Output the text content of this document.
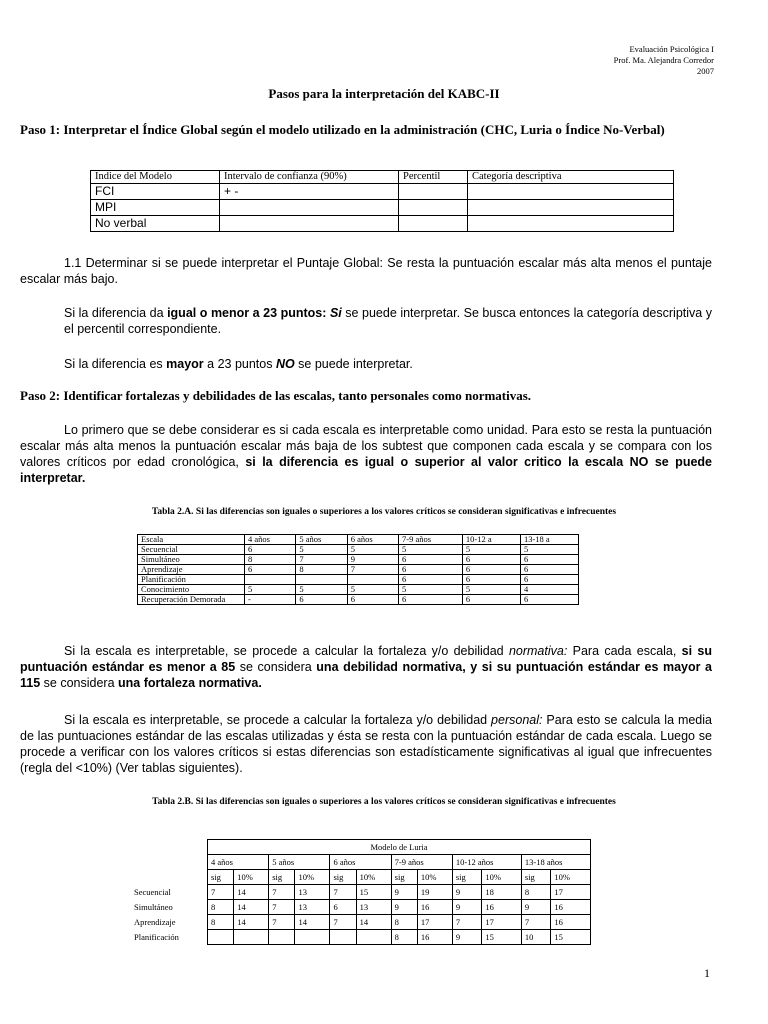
Evaluación Psicológica I
Prof. Ma. Alejandra Corredor
2007
Pasos para la interpretación del KABC-II
Paso 1: Interpretar el Índice Global según el modelo utilizado en la administración (CHC, Luria o Índice No-Verbal)
Indice del Modelo	Intervalo de confianza (90%)	Percentil	Categoría descriptiva
FCI	+ -		
MPI			
No verbal			
1.1 Determinar si se puede interpretar el Puntaje Global: Se resta la puntuación escalar más alta menos el puntaje escalar más bajo.
Si la diferencia da igual o menor a 23 puntos: Si se puede interpretar. Se busca entonces la categoría descriptiva y el percentil correspondiente.
Si la diferencia es mayor a 23 puntos NO se puede interpretar.
Paso 2: Identificar fortalezas y debilidades de las escalas, tanto personales como normativas.
Lo primero que se debe considerar es si cada escala es interpretable como unidad. Para esto se resta la puntuación escalar más alta menos la puntuación escalar más baja de los subtest que componen cada escala y se compara con los valores críticos por edad cronológica, si la diferencia es igual o superior al valor critico la escala NO se puede interpretar.
Tabla 2.A. Si las diferencias son iguales o superiores a los valores críticos se consideran significativas e infrecuentes
Escala	4 años	5 años	6 años	7-9 años	10-12 a	13-18 a
Secuencial	6	5	5	5	5	5
Simultáneo	8	7	9	6	6	6
Aprendizaje	6	8	7	6	6	6
Planificación				6	6	6
Conocimiento	5	5	5	5	5	4
Recuperación Demorada	-	6	6	6	6	6
Si la escala es interpretable, se procede a calcular la fortaleza y/o debilidad normativa: Para cada escala, si su puntuación estándar es menor a 85 se considera una debilidad normativa, y si su puntuación estándar es mayor a 115 se considera una fortaleza normativa.
Si la escala es interpretable, se procede a calcular la fortaleza y/o debilidad personal: Para esto se calcula la media de las puntuaciones estándar de las escalas utilizadas y ésta se resta con la puntuación estándar de cada escala. Luego se procede a verificar con los valores críticos si estas diferencias son estadísticamente significativas al igual que infrecuentes (regla del <10%) (Ver tablas siguientes).
Tabla 2.B. Si las diferencias son iguales o superiores a los valores críticos se consideran significativas e infrecuentes
	Modelo de Luria											
	4 años		5 años		6 años		7-9 años		10-12 años		13-18 años	
	sig	10%	sig	10%	sig	10%	sig	10%	sig	10%	sig	10%
Secuencial	7	14	7	13	7	15	9	19	9	18	8	17
Simultáneo	8	14	7	13	6	13	9	16	9	16	9	16
Aprendizaje	8	14	7	14	7	14	8	17	7	17	7	16
Planificación							8	16	9	15	10	15
1
